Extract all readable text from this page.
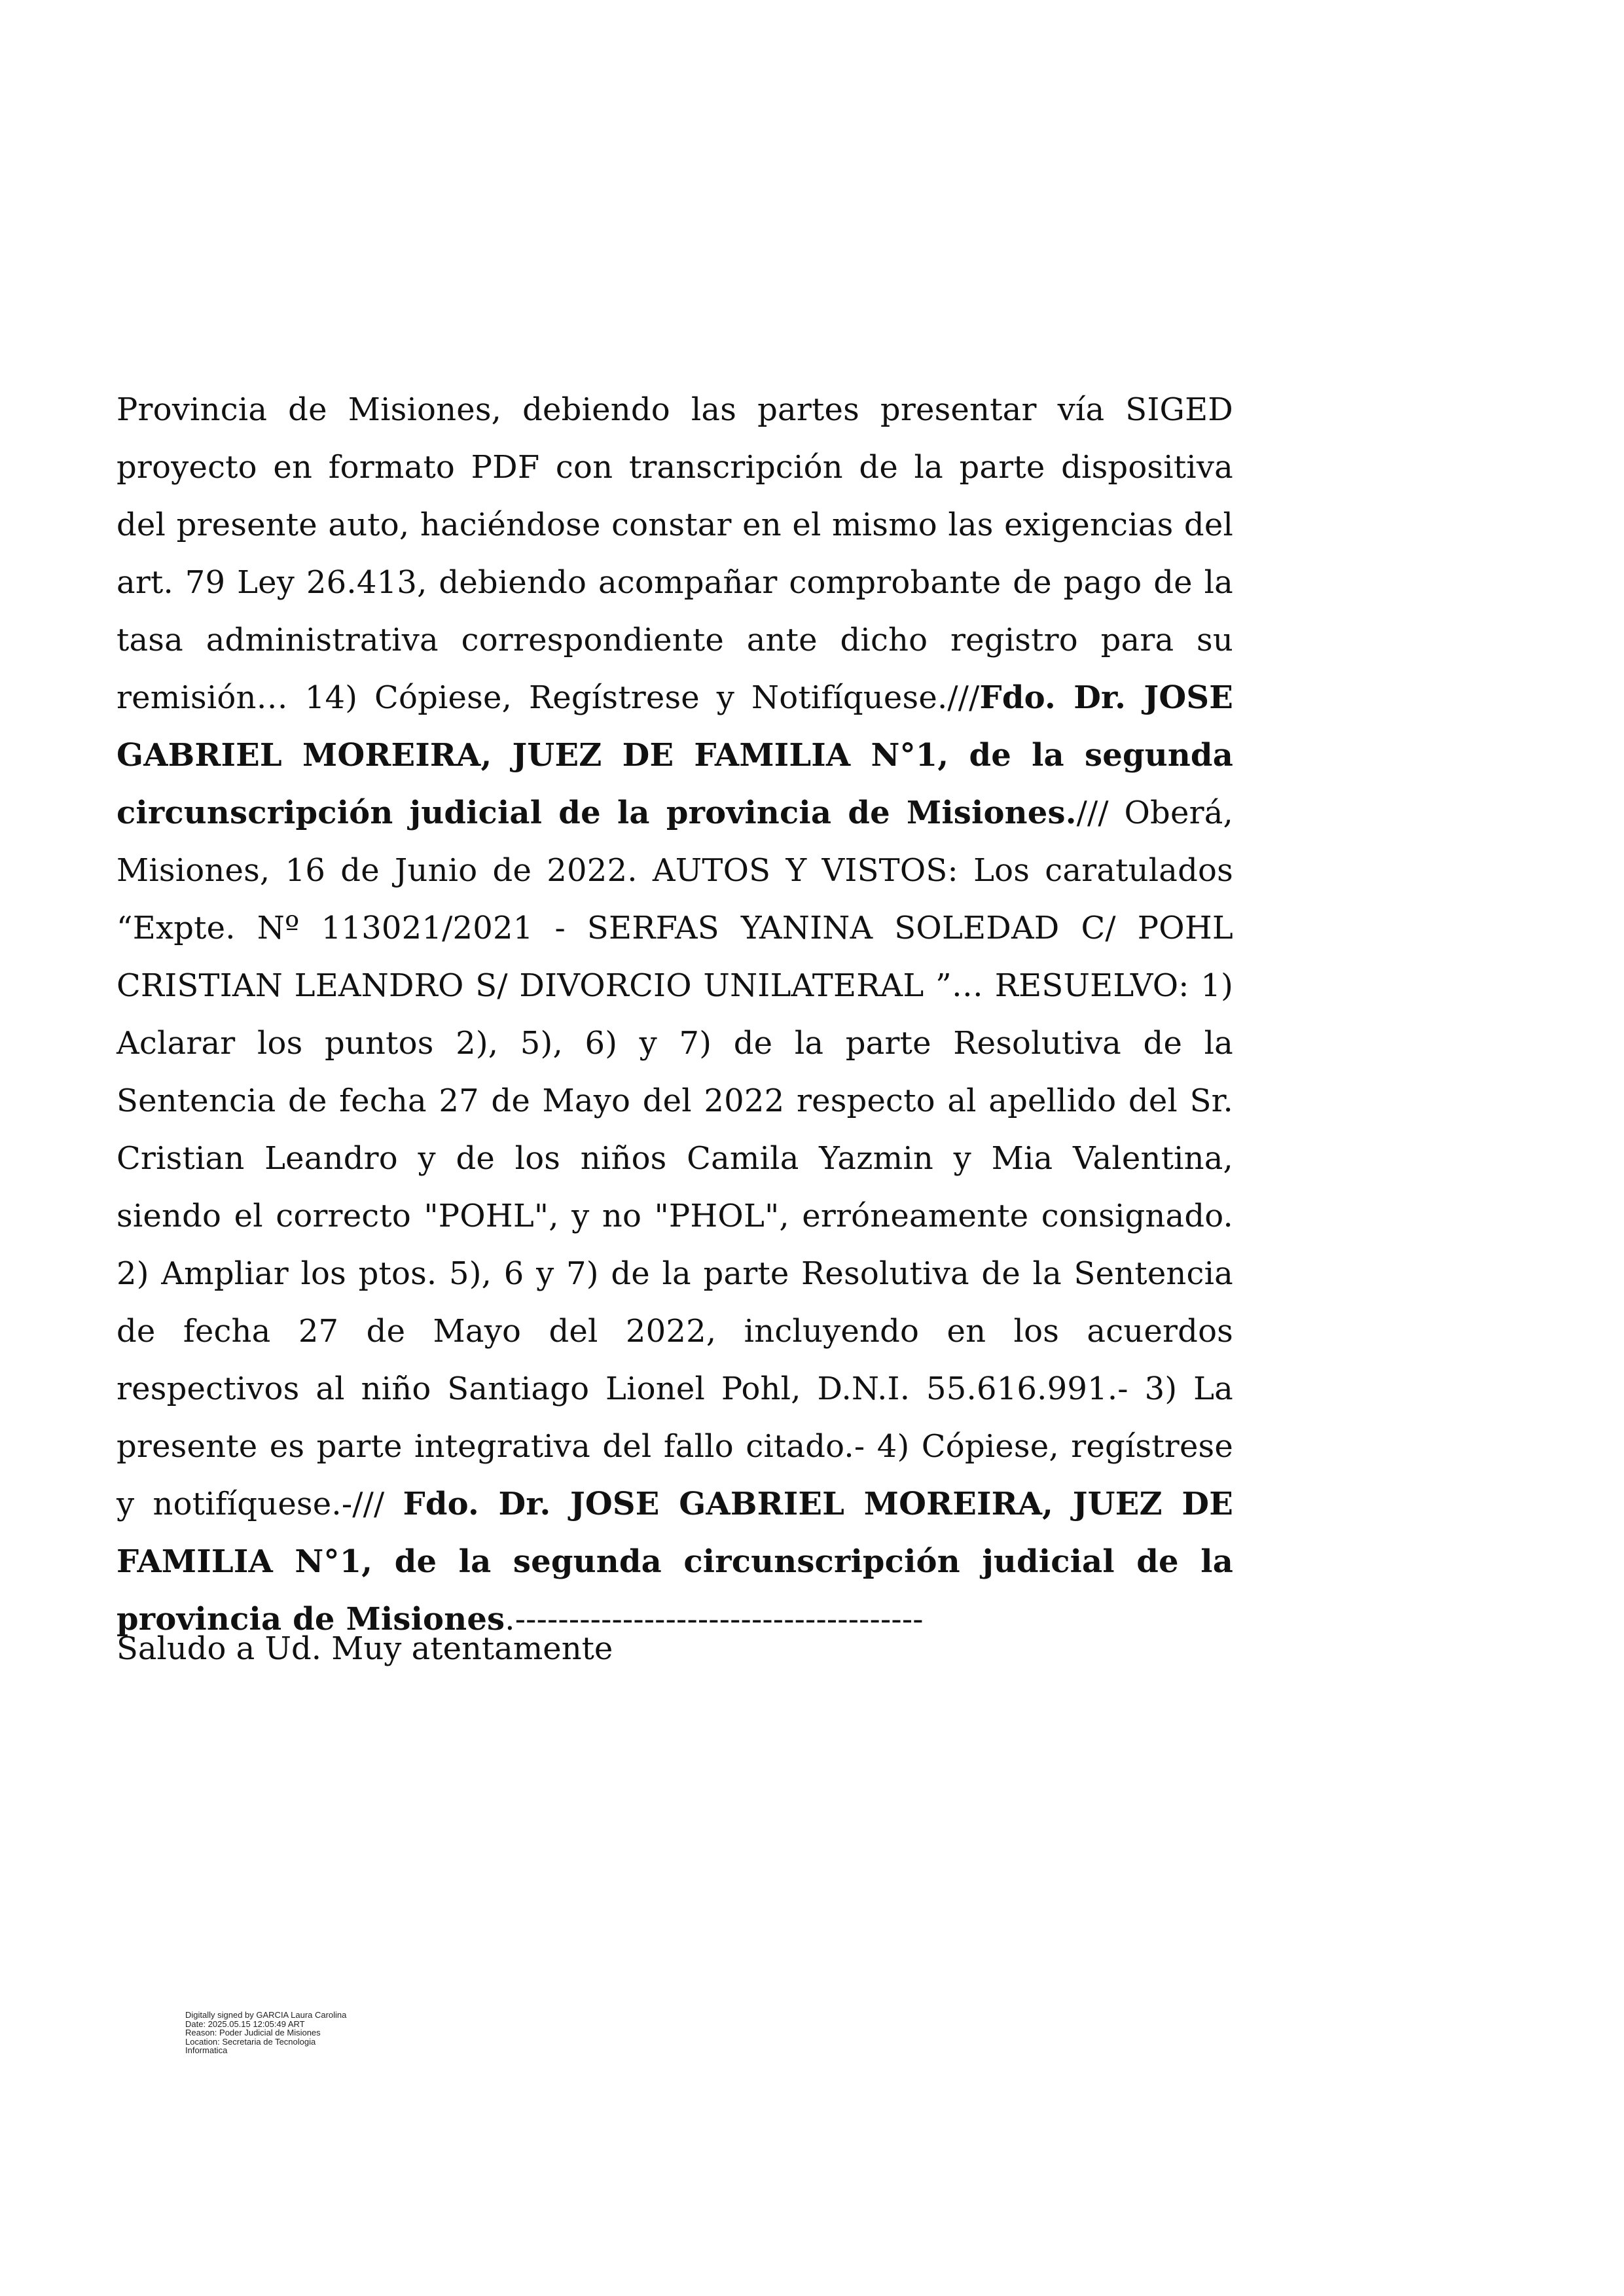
Provincia de Misiones, debiendo las partes presentar vía SIGED proyecto en formato PDF con transcripción de la parte dispositiva del presente auto, haciéndose constar en el mismo las exigencias del art. 79 Ley 26.413, debiendo acompañar comprobante de pago de la tasa administrativa correspondiente ante dicho registro para su remisión… 14) Cópiese, Regístrese y Notifíquese.///Fdo. Dr. JOSE GABRIEL MOREIRA, JUEZ DE FAMILIA N°1, de la segunda circunscripción judicial de la provincia de Misiones./// Oberá, Misiones, 16 de Junio de 2022. AUTOS Y VISTOS: Los caratulados “Expte. Nº 113021/2021 - SERFAS YANINA SOLEDAD C/ POHL CRISTIAN LEANDRO S/ DIVORCIO UNILATERAL ”… RESUELVO: 1) Aclarar los puntos 2), 5), 6) y 7) de la parte Resolutiva de la Sentencia de fecha 27 de Mayo del 2022 respecto al apellido del Sr. Cristian Leandro y de los niños Camila Yazmin y Mia Valentina, siendo el correcto "POHL", y no "PHOL", erróneamente consignado. 2) Ampliar los ptos. 5), 6 y 7) de la parte Resolutiva de la Sentencia de fecha 27 de Mayo del 2022, incluyendo en los acuerdos respectivos al niño Santiago Lionel Pohl, D.N.I. 55.616.991.- 3) La presente es parte integrativa del fallo citado.- 4) Cópiese, regístrese y notifíquese.-/// Fdo. Dr. JOSE GABRIEL MOREIRA, JUEZ DE FAMILIA N°1, de la segunda circunscripción judicial de la provincia de Misiones.--------------------------------------

Saludo a Ud. Muy atentamente

Digitally signed by GARCIA Laura Carolina
Date: 2025.05.15 12:05:49 ART
Reason: Poder Judicial de Misiones
Location: Secretaria de Tecnologia
Informatica
